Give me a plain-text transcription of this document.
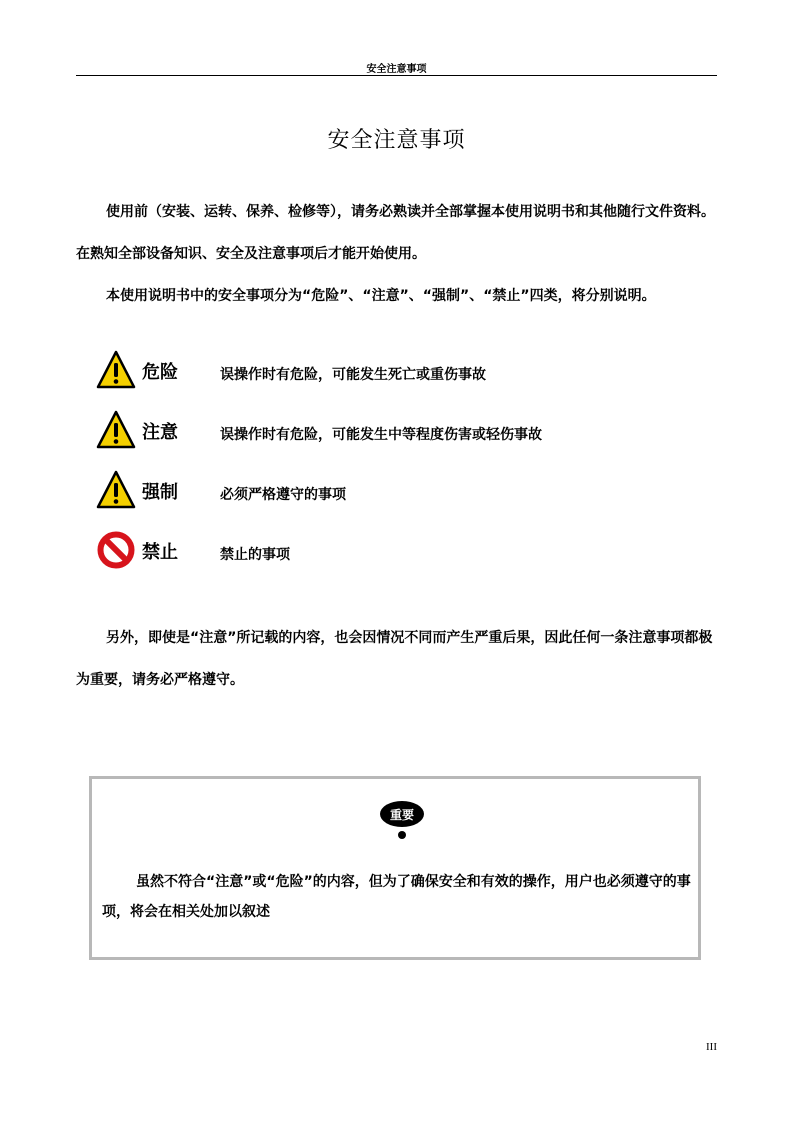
安全注意事项
安全注意事项

使用前（安装、运转、保养、检修等），请务必熟读并全部掌握本使用说明书和其他随行文件资料。在熟知全部设备知识、安全及注意事项后才能开始使用。

本使用说明书中的安全事项分为“危险”、“注意”、“强制”、“禁止”四类，将分别说明。

危险	误操作时有危险，可能发生死亡或重伤事故
注意	误操作时有危险，可能发生中等程度伤害或轻伤事故
强制	必须严格遵守的事项
禁止	禁止的事项

另外，即使是“注意”所记载的内容，也会因情况不同而产生严重后果，因此任何一条注意事项都极为重要，请务必严格遵守。

重要

虽然不符合“注意”或“危险”的内容，但为了确保安全和有效的操作，用户也必须遵守的事项，将会在相关处加以叙述

III
